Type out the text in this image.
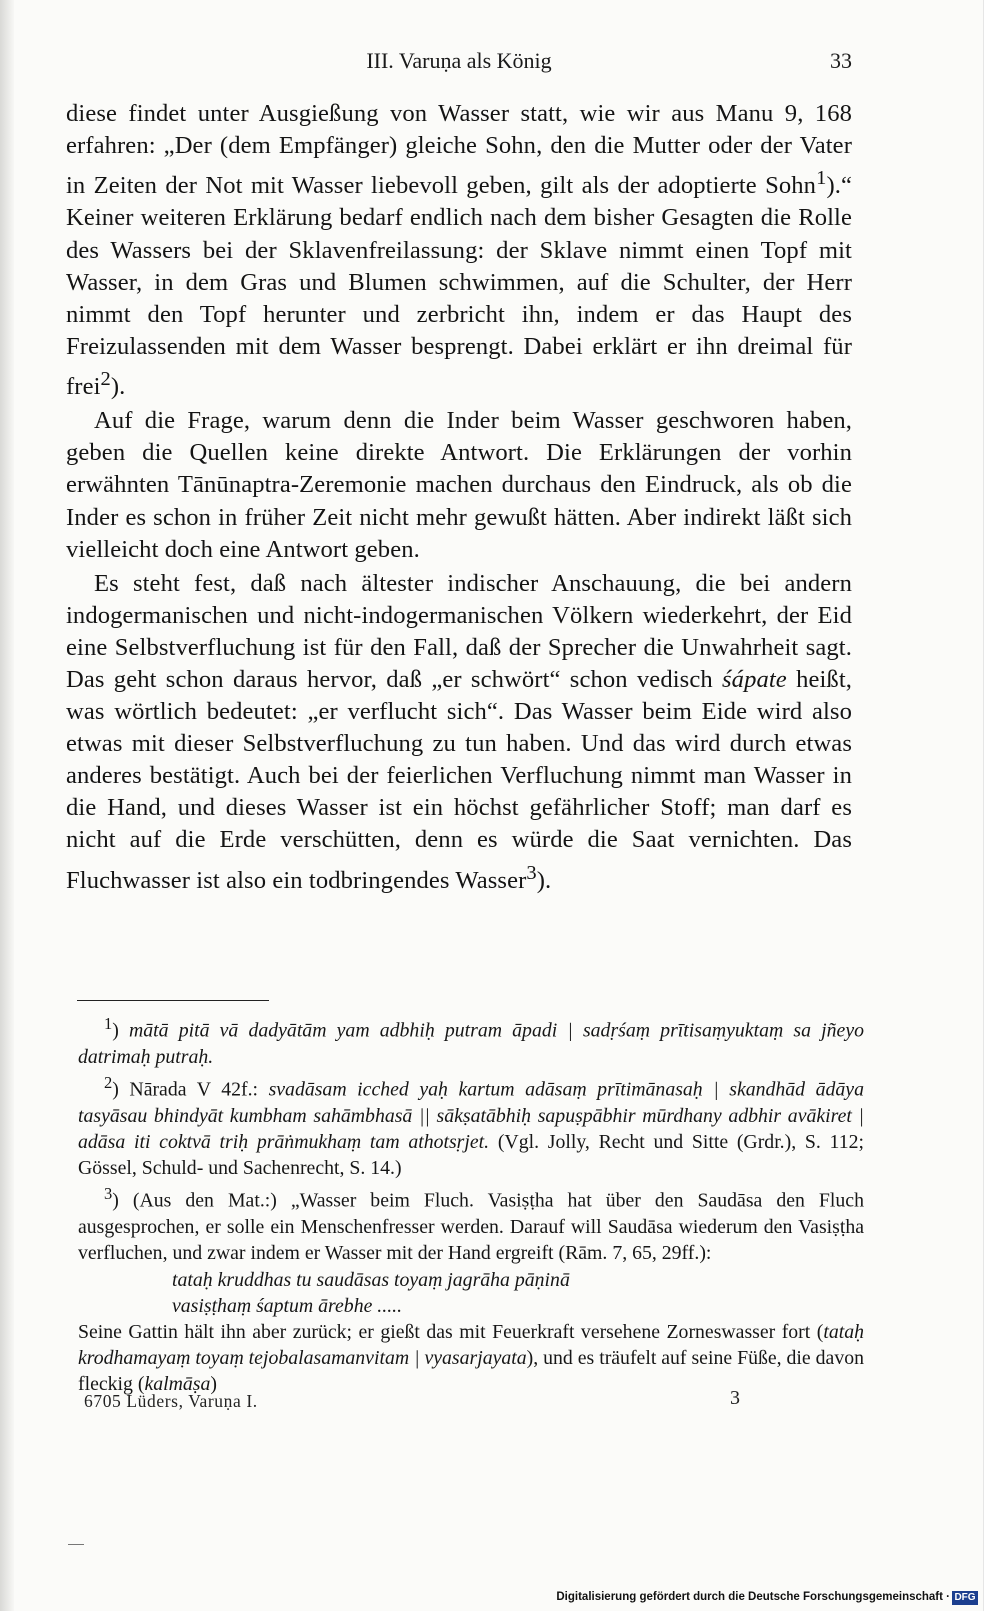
III. Varuṇa als König	33

diese findet unter Ausgießung von Wasser statt, wie wir aus Manu 9, 168 erfahren: „Der (dem Empfänger) gleiche Sohn, den die Mutter oder der Vater in Zeiten der Not mit Wasser liebevoll geben, gilt als der adoptierte Sohn$^1$).“ Keiner weiteren Erklärung bedarf endlich nach dem bisher Gesagten die Rolle des Wassers bei der Sklavenfreilassung: der Sklave nimmt einen Topf mit Wasser, in dem Gras und Blumen schwimmen, auf die Schulter, der Herr nimmt den Topf herunter und zerbricht ihn, indem er das Haupt des Freizulassenden mit dem Wasser besprengt. Dabei erklärt er ihn dreimal für frei$^2$).

Auf die Frage, warum denn die Inder beim Wasser geschworen haben, geben die Quellen keine direkte Antwort. Die Erklärungen der vorhin erwähnten Tānūnaptra-Zeremonie machen durchaus den Eindruck, als ob die Inder es schon in früher Zeit nicht mehr gewußt hätten. Aber indirekt läßt sich vielleicht doch eine Antwort geben.

Es steht fest, daß nach ältester indischer Anschauung, die bei andern indogermanischen und nicht-indogermanischen Völkern wiederkehrt, der Eid eine Selbstverfluchung ist für den Fall, daß der Sprecher die Unwahrheit sagt. Das geht schon daraus hervor, daß „er schwört“ schon vedisch śápate heißt, was wörtlich bedeutet: „er verflucht sich“. Das Wasser beim Eide wird also etwas mit dieser Selbstverfluchung zu tun haben. Und das wird durch etwas anderes bestätigt. Auch bei der feierlichen Verfluchung nimmt man Wasser in die Hand, und dieses Wasser ist ein höchst gefährlicher Stoff; man darf es nicht auf die Erde verschütten, denn es würde die Saat vernichten. Das Fluchwasser ist also ein todbringendes Wasser$^3$).

$^1$) mātā pitā vā dadyātām yam adbhiḥ putram āpadi | sadṛśaṃ prītisaṃyuktaṃ sa jñeyo datrimaḥ putraḥ.

$^2$) Nārada V 42f.: svadāsam icched yaḥ kartum adāsaṃ prītimānasaḥ | skandhād ādāya tasyāsau bhindyāt kumbham sahāmbhasā || sākṣatābhiḥ sapuṣpābhir mūrdhany adbhir avākiret | adāsa iti coktvā triḥ prāṅmukhaṃ tam athotsṛjet. (Vgl. Jolly, Recht und Sitte (Grdr.), S. 112; Gössel, Schuld- und Sachenrecht, S. 14.)

$^3$) (Aus den Mat.:) „Wasser beim Fluch. Vasiṣṭha hat über den Saudāsa den Fluch ausgesprochen, er solle ein Menschenfresser werden. Darauf will Saudāsa wiederum den Vasiṣṭha verfluchen, und zwar indem er Wasser mit der Hand ergreift (Rām. 7, 65, 29ff.):

tataḥ kruddhas tu saudāsas toyaṃ jagrāha pāṇinā

vasiṣṭhaṃ śaptum ārebhe .....

Seine Gattin hält ihn aber zurück; er gießt das mit Feuerkraft versehene Zorneswasser fort (tataḥ krodhamayaṃ toyaṃ tejobalasamanvitam | vyasarjayata), und es träufelt auf seine Füße, die davon fleckig (kalmāṣa)

6705 Lüders, Varuṇa I.	3
Digitalisierung gefördert durch die Deutsche Forschungsgemeinschaft · DFG
